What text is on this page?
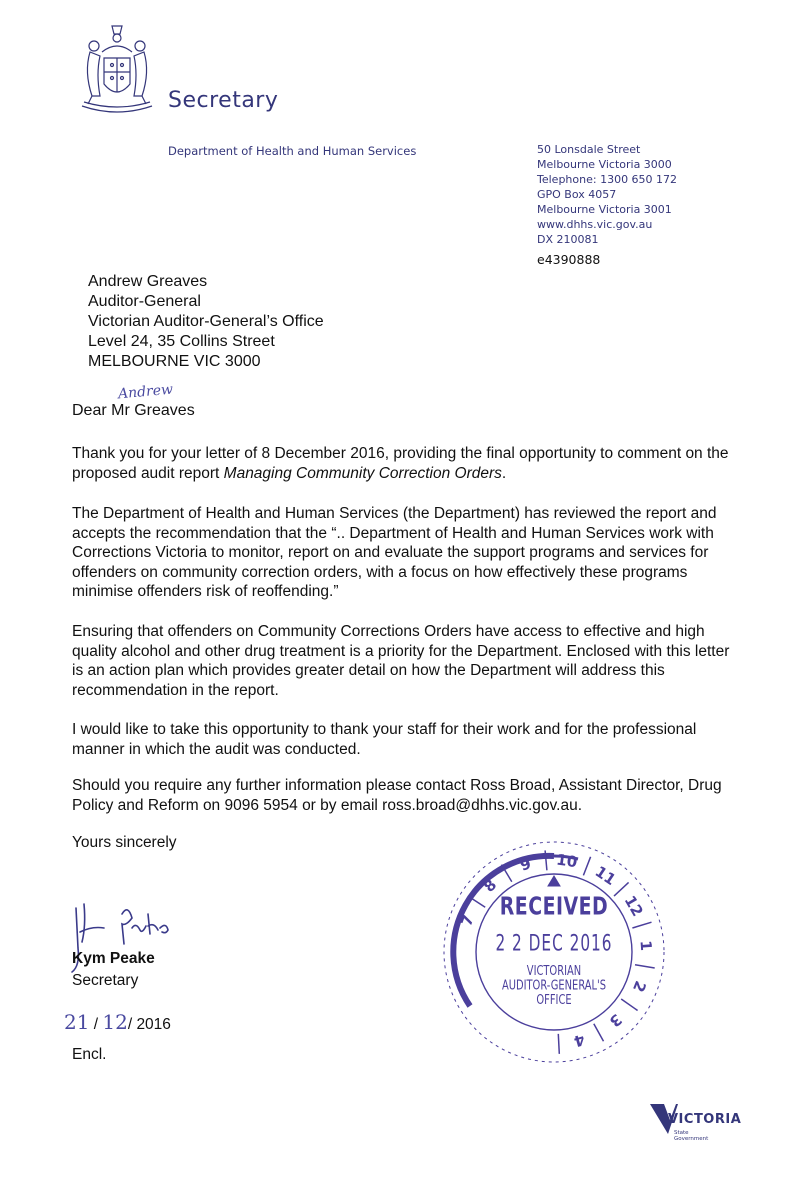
Secretary
Department of Health and Human Services	50 Lonsdale Street
Melbourne Victoria 3000
Telephone: 1300 650 172
GPO Box 4057
Melbourne Victoria 3001
www.dhhs.vic.gov.au
DX 210081
e4390888
Andrew Greaves
Auditor-General
Victorian Auditor-General’s Office
Level 24, 35 Collins Street
MELBOURNE VIC 3000
Andrew
Dear Mr Greaves
Thank you for your letter of 8 December 2016, providing the final opportunity to comment on the proposed audit report Managing Community Correction Orders.
The Department of Health and Human Services (the Department) has reviewed the report and accepts the recommendation that the “.. Department of Health and Human Services work with Corrections Victoria to monitor, report on and evaluate the support programs and services for offenders on community correction orders, with a focus on how effectively these programs minimise offenders risk of reoffending.”
Ensuring that offenders on Community Corrections Orders have access to effective and high quality alcohol and other drug treatment is a priority for the Department. Enclosed with this letter is an action plan which provides greater detail on how the Department will address this recommendation in the report.
I would like to take this opportunity to thank your staff for their work and for the professional manner in which the audit was conducted.
Should you require any further information please contact Ross Broad, Assistant Director, Drug Policy and Reform on 9096 5954 or by email ross.broad@dhhs.vic.gov.au.
Yours sincerely
Kym Peake
Secretary
21 / 12/ 2016
Encl.
7
8
9 10
11
12
1
2
3
4
RECEIVED
2 2 DEC 2016
VICTORIAN
AUDITOR-GENERAL'S
OFFICE
VICTORIA
State Government
